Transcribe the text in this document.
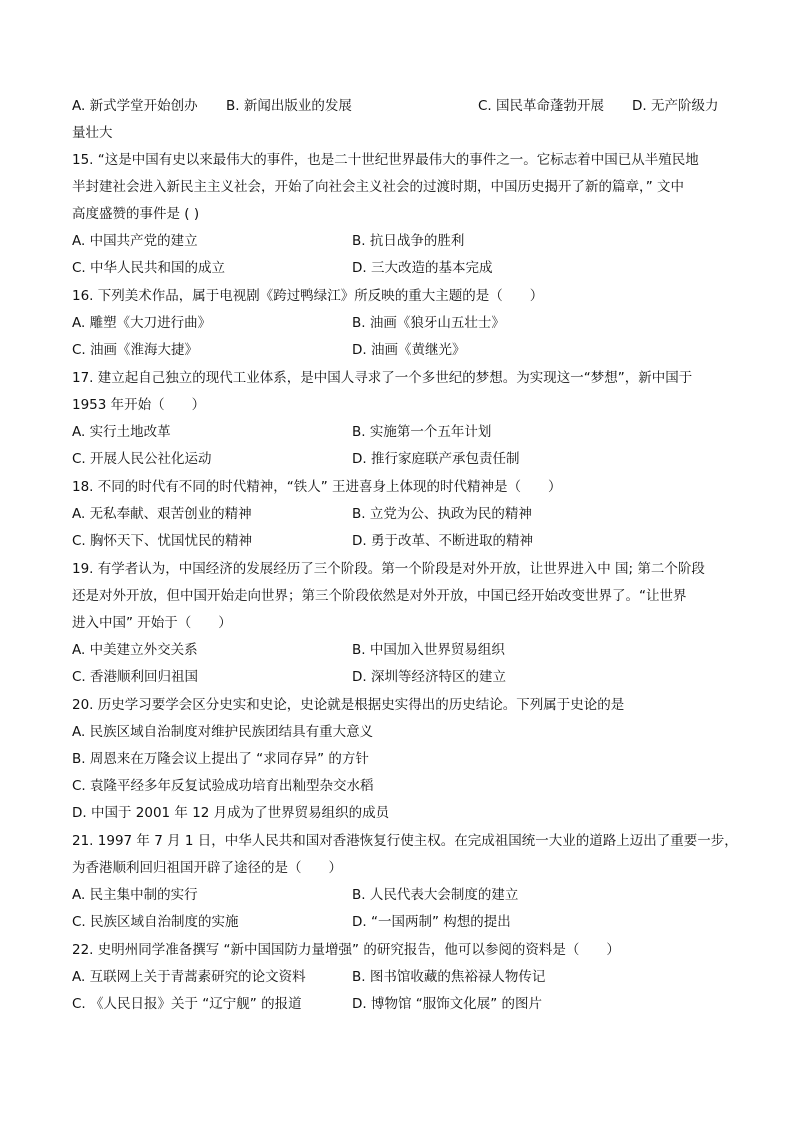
A. 新式学堂开始创办 B. 新闻出版业的发展	C. 国民革命蓬勃开展 D. 无产阶级力
量壮大
15. “这是中国有史以来最伟大的事件，也是二十世纪世界最伟大的事件之一。它标志着中国已从半殖民地
半封建社会进入新民主主义社会，开始了向社会主义社会的过渡时期，中国历史揭开了新的篇章，” 文中
高度盛赞的事件是 ( )
A. 中国共产党的建立	B. 抗日战争的胜利
C. 中华人民共和国的成立	D. 三大改造的基本完成
16. 下列美术作品，属于电视剧《跨过鸭绿江》所反映的重大主题的是（　　）
A. 雕塑《大刀进行曲》	B. 油画《狼牙山五壮士》
C. 油画《淮海大捷》	D. 油画《黄继光》
17. 建立起自己独立的现代工业体系，是中国人寻求了一个多世纪的梦想。为实现这一“梦想”，新中国于
1953 年开始（　　）
A. 实行土地改革	B. 实施第一个五年计划
C. 开展人民公社化运动	D. 推行家庭联产承包责任制
18. 不同的时代有不同的时代精神，“铁人” 王进喜身上体现的时代精神是（　　）
A. 无私奉献、艰苦创业的精神	B. 立党为公、执政为民的精神
C. 胸怀天下、忧国忧民的精神	D. 勇于改革、不断进取的精神
19. 有学者认为，中国经济的发展经历了三个阶段。第一个阶段是对外开放，让世界进入中 国; 第二个阶段
还是对外开放，但中国开始走向世界；第三个阶段依然是对外开放，中国已经开始改变世界了。“让世界
进入中国” 开始于（　　）
A. 中美建立外交关系	B. 中国加入世界贸易组织
C. 香港顺利回归祖国	D. 深圳等经济特区的建立
20. 历史学习要学会区分史实和史论，史论就是根据史实得出的历史结论。下列属于史论的是
A. 民族区域自治制度对维护民族团结具有重大意义
B. 周恩来在万隆会议上提出了 “求同存异” 的方针
C. 袁隆平经多年反复试验成功培育出籼型杂交水稻
D. 中国于 2001 年 12 月成为了世界贸易组织的成员
21. 1997 年 7 月 1 日，中华人民共和国对香港恢复行使主权。在完成祖国统一大业的道路上迈出了重要一步，
为香港顺利回归祖国开辟了途径的是（　　）
A. 民主集中制的实行	B. 人民代表大会制度的建立
C. 民族区域自治制度的实施	D. “一国两制” 构想的提出
22. 史明州同学准备撰写 “新中国国防力量增强” 的研究报告，他可以参阅的资料是（　　）
A. 互联网上关于青蒿素研究的论文资料	B. 图书馆收藏的焦裕禄人物传记
C. 《人民日报》关于 “辽宁舰” 的报道	D. 博物馆 “服饰文化展” 的图片
